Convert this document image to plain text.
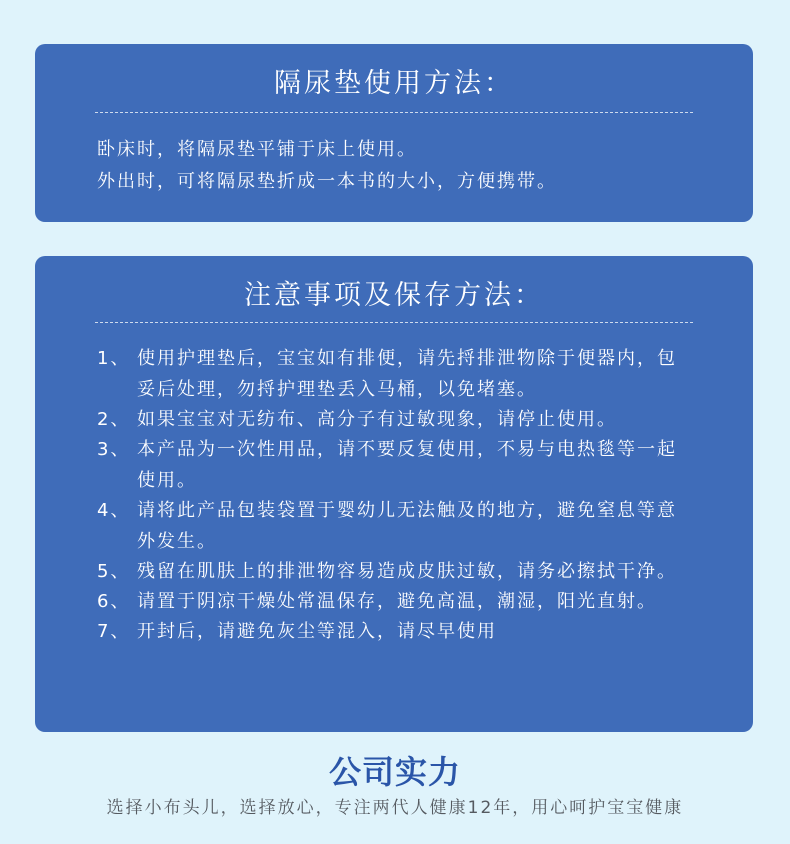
隔尿垫使用方法：
卧床时，将隔尿垫平铺于床上使用。
外出时，可将隔尿垫折成一本书的大小，方便携带。
注意事项及保存方法：
1、 使用护理垫后，宝宝如有排便，请先捋排泄物除于便器内，包妥后处理，勿捋护理垫丢入马桶，以免堵塞。
2、 如果宝宝对无纺布、高分子有过敏现象，请停止使用。
3、 本产品为一次性用品，请不要反复使用，不易与电热毯等一起使用。
4、 请将此产品包装袋置于婴幼儿无法触及的地方，避免窒息等意外发生。
5、 残留在肌肤上的排泄物容易造成皮肤过敏，请务必擦拭干净。
6、 请置于阴凉干燥处常温保存，避免高温，潮湿，阳光直射。
7、 开封后，请避免灰尘等混入，请尽早使用
公司实力
选择小布头儿，选择放心，专注两代人健康12年，用心呵护宝宝健康
